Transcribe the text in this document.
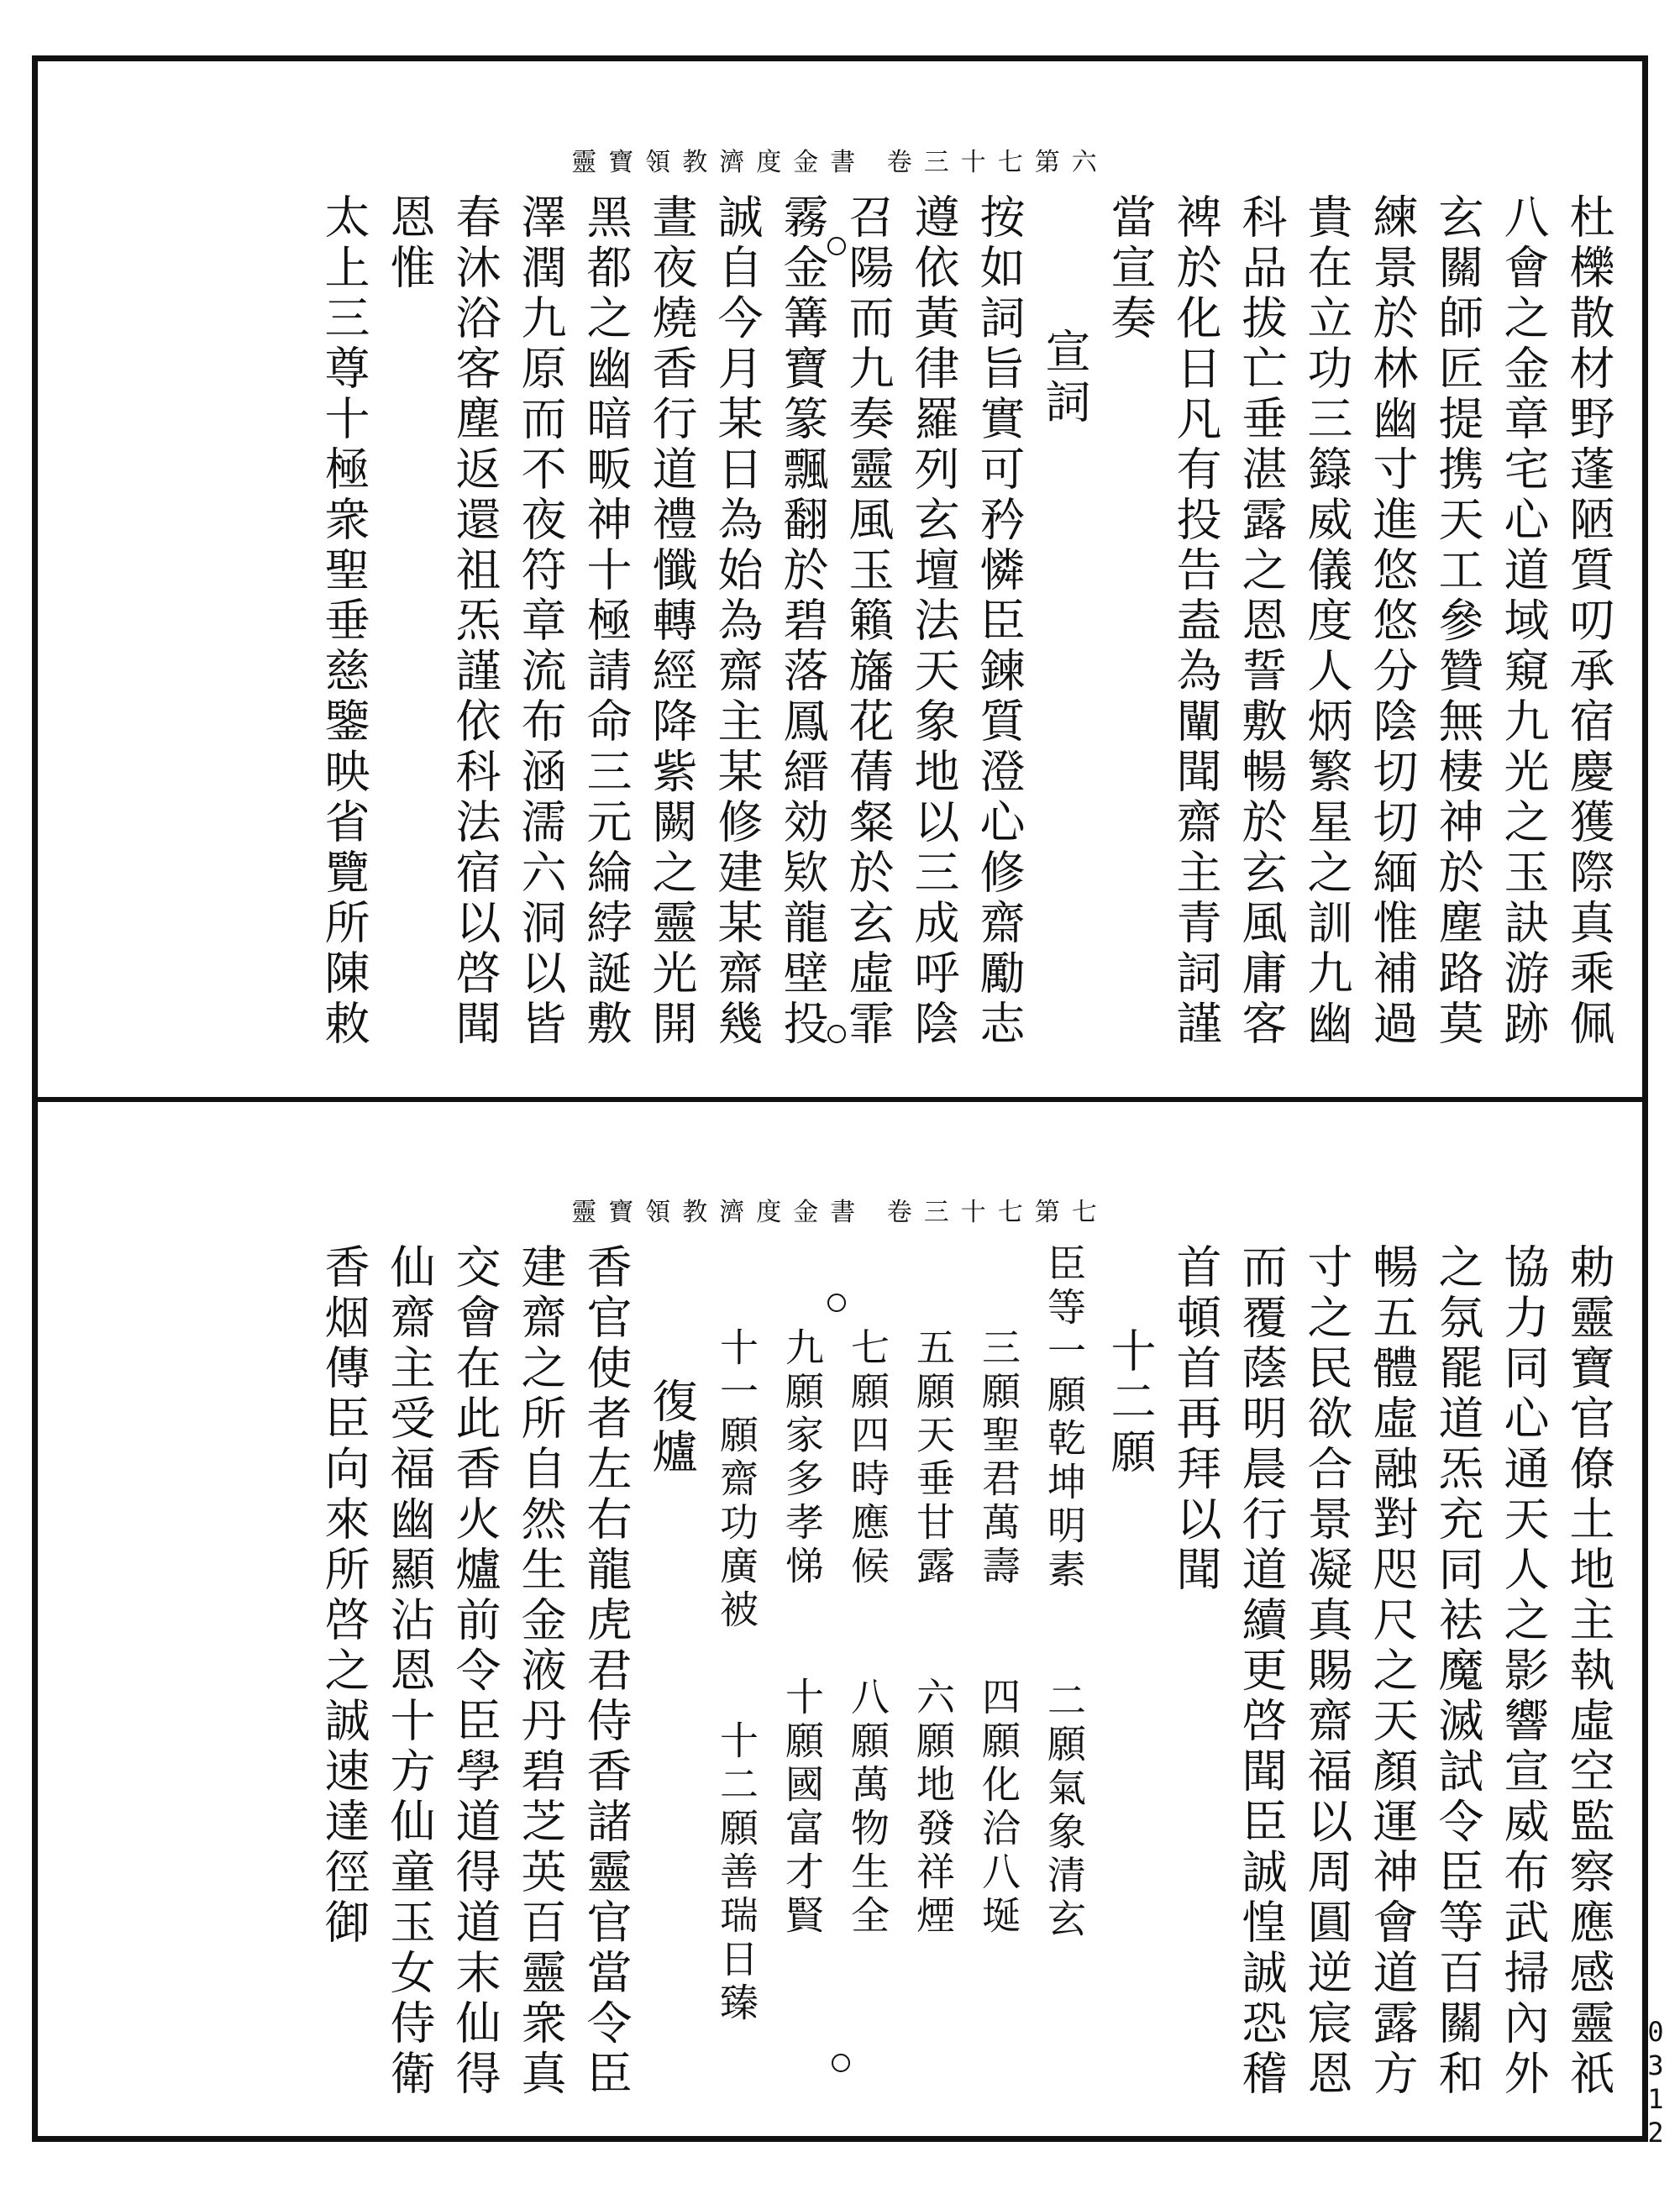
靈寶領教濟度金書 卷三十七第六
杜櫟散材野蓬陋質叨承宿慶獲際真乘佩
八會之金章宅心道域窺九光之玉訣游跡
玄關師匠提携天工參贊無棲神於塵路莫
練景於林幽寸進悠悠分陰切切緬惟補過
貴在立功三籙威儀度人炳繁星之訓九幽
科品拔亡垂湛露之恩誓敷暢於玄風庸客
裨於化日凡有投告盍為闡聞齋主青詞謹
當宣奏
宣詞
按如詞旨實可矜憐臣鍊質澄心修齋勵志
遵依黃律羅列玄壇法天象地以三成呼陰
召陽而九奏靈風玉籟旛花蒨粲於玄虛霏
霧金篝寶篆飄翻於碧落鳳縉効欵龍壁投
誠自今月某日為始為齋主某修建某齋幾
晝夜燒香行道禮懺轉經降紫闕之靈光開
黑都之幽暗畈神十極請命三元綸綍誕敷
澤潤九原而不夜符章流布涵濡六洞以皆
春沐浴客塵返還祖炁謹依科法宿以啓聞
恩惟
太上三尊十極衆聖垂慈鑒映省覽所陳敕
靈寶領教濟度金書 卷三十七第七
勅靈寶官僚土地主執虛空監察應感靈祇
協力同心通天人之影響宣威布武掃內外
之氛罷道炁充同袪魔滅試令臣等百關和
暢五體虛融對咫尺之天顏運神會道露方
寸之民欲合景凝真賜齋福以周圓逆宸恩
而覆蔭明晨行道續更啓聞臣誠惶誠恐稽
首頓首再拜以聞
十二願
臣等一願乾坤明素　　二願氣象清玄
三願聖君萬壽　　四願化洽八埏
五願天垂甘露　　六願地發祥煙
七願四時應候　　八願萬物生全
九願家多孝悌　　十願國富才賢
十一願齋功廣被　　十二願善瑞日臻
復爐
香官使者左右龍虎君侍香諸靈官當令臣
建齋之所自然生金液丹碧芝英百靈衆真
交會在此香火爐前令臣學道得道末仙得
仙齋主受福幽顯沾恩十方仙童玉女侍衛
香烟傳臣向來所啓之誠速達徑御
0312
